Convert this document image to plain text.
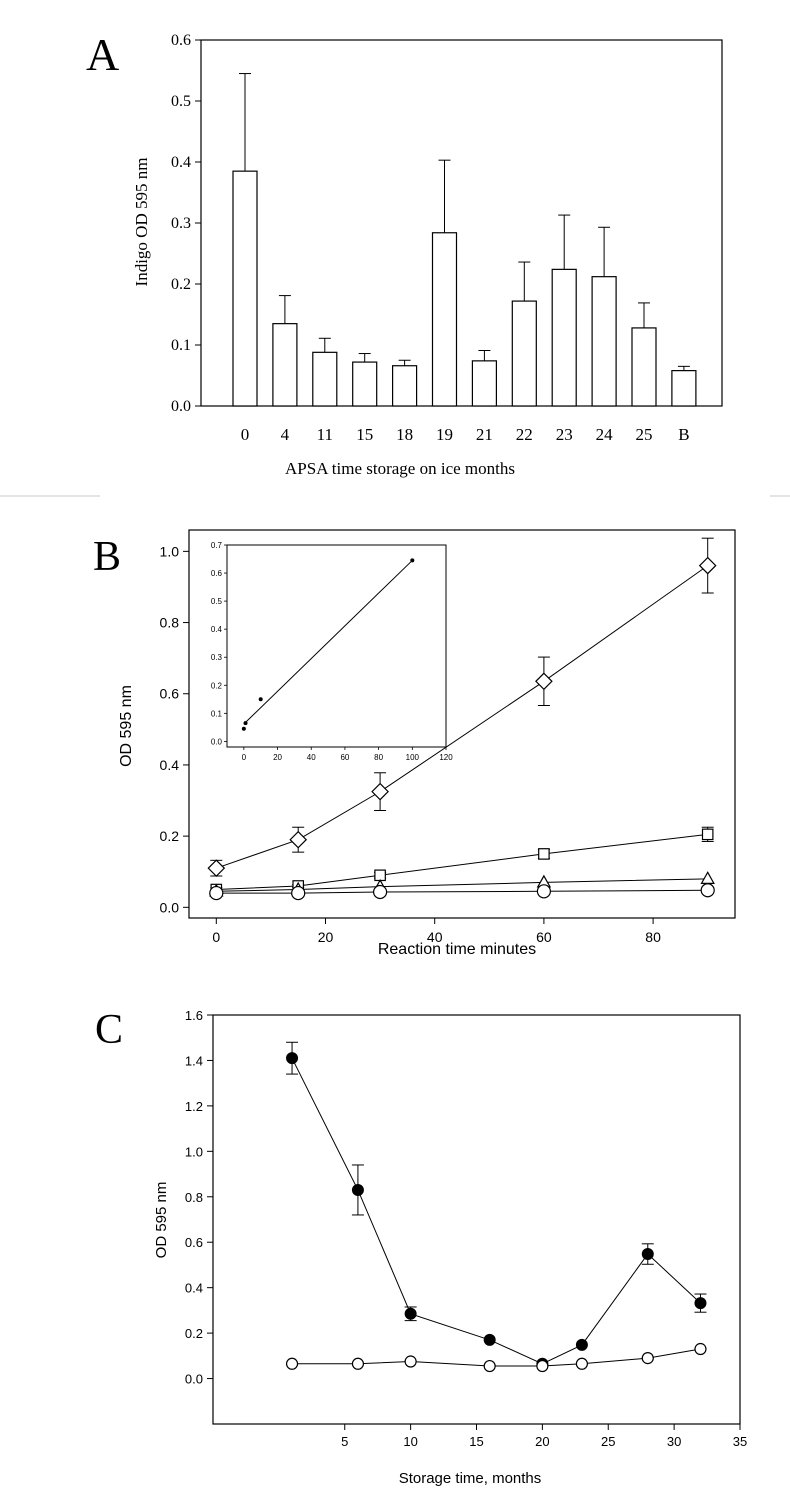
A
0.0
0.1
0.2
0.3
0.4
0.5
0.6
0 4 11 15 18 19 21 22 23 24 25 B
APSA time storage on ice months
Indigo OD 595 nm
B
0.0
0.2
0.4
0.6
0.8
1.0
0	20	40	60	80
Reaction time minutes
OD 595 nm	0.0
0.1
0.2
0.3
0.4
0.5
0.6
0.7
0	20	40	60	80	100	120
C
0.0
0.2
0.4
0.6
0.8
1.0
1.2
1.4
1.6
5	10	15	20	25	30	35
Storage time, months
OD 595 nm
